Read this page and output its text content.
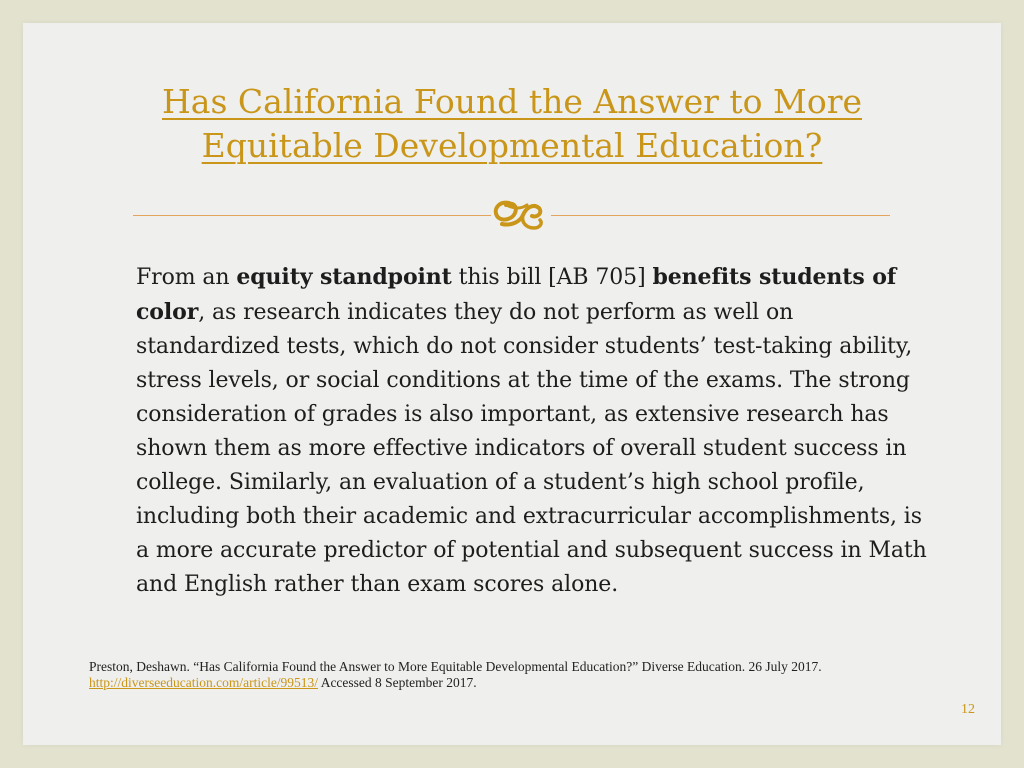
Has California Found the Answer to More Equitable Developmental Education?
From an equity standpoint this bill [AB 705] benefits students of color, as research indicates they do not perform as well on standardized tests, which do not consider students’ test-taking ability, stress levels, or social conditions at the time of the exams. The strong consideration of grades is also important, as extensive research has shown them as more effective indicators of overall student success in college. Similarly, an evaluation of a student’s high school profile, including both their academic and extracurricular accomplishments, is a more accurate predictor of potential and subsequent success in Math and English rather than exam scores alone.
Preston, Deshawn. “Has California Found the Answer to More Equitable Developmental Education?” Diverse Education. 26 July 2017. http://diverseeducation.com/article/99513/ Accessed 8 September 2017.
12
